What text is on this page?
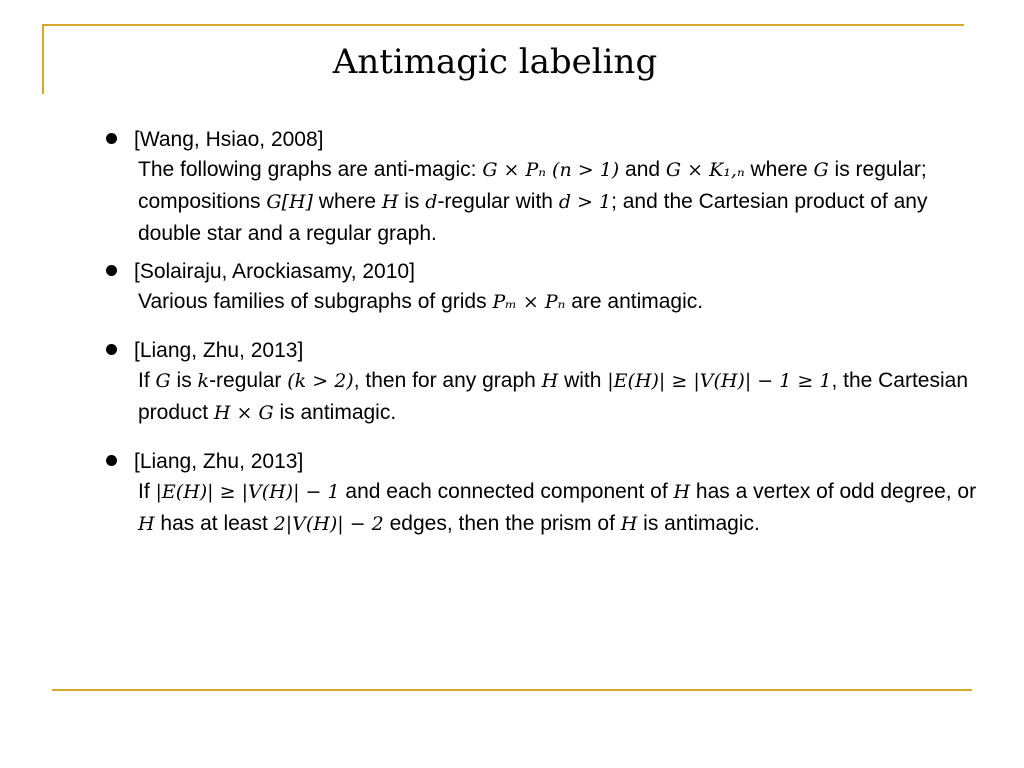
Antimagic labeling
[Wang, Hsiao, 2008]
The following graphs are anti-magic: G × Pₙ (n > 1) and G × K₁,ₙ where G is regular; compositions G[H] where H is d-regular with d > 1; and the Cartesian product of any double star and a regular graph.
[Solairaju, Arockiasamy, 2010]
Various families of subgraphs of grids Pₘ × Pₙ are antimagic.
[Liang, Zhu, 2013]
If G is k-regular (k > 2), then for any graph H with |E(H)| ≥ |V(H)| − 1 ≥ 1, the Cartesian product H × G is antimagic.
[Liang, Zhu, 2013]
If |E(H)| ≥ |V(H)| − 1 and each connected component of H has a vertex of odd degree, or H has at least 2|V(H)| − 2 edges, then the prism of H is antimagic.
